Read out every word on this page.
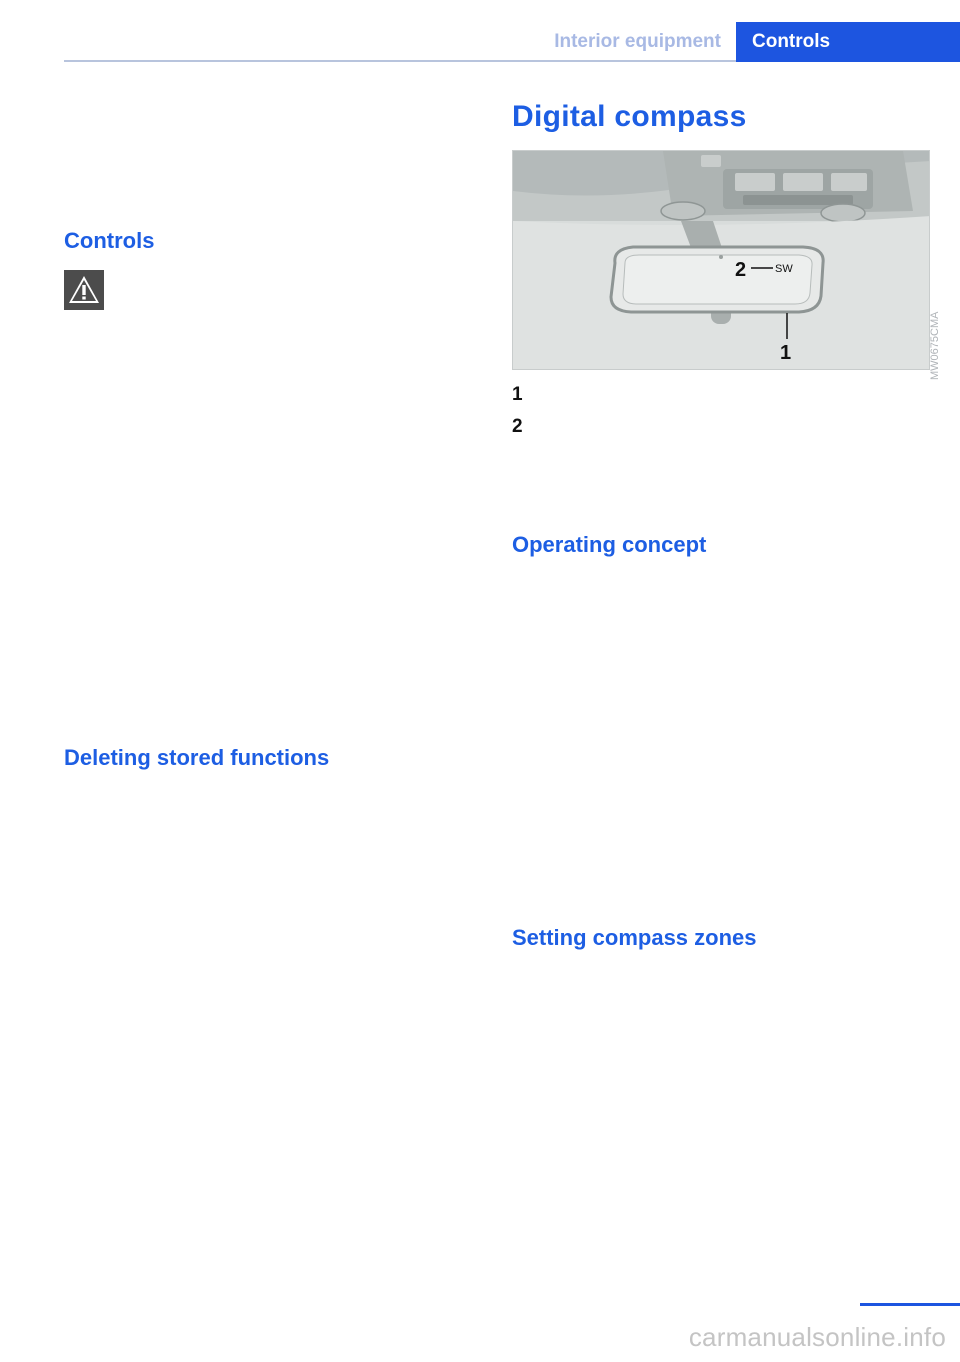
Interior equipment	Controls
Controls
Deleting stored functions
Digital compass
2	SW
1	MW0675CMA
1
2
Operating concept
Setting compass zones
carmanualsonline.info
